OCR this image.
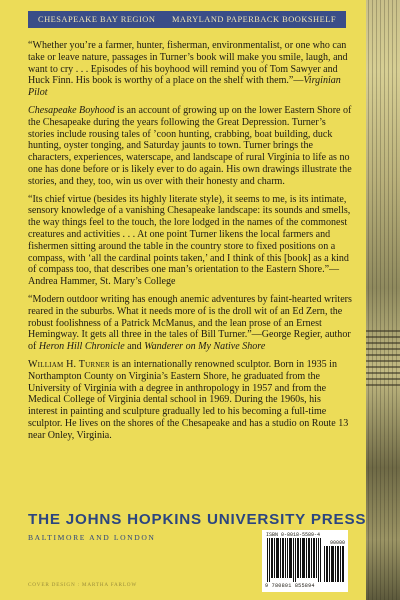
CHESAPEAKE BAY REGION MARYLAND PAPERBACK BOOKSHELF

“Whether you’re a farmer, hunter, fisherman, environmentalist, or one who can take or leave nature, passages in Turner’s book will make you smile, laugh, and want to cry . . . Episodes of his boyhood will remind you of Tom Sawyer and Huck Finn. His book is worthy of a place on the shelf with them.”—Virginian Pilot

Chesapeake Boyhood is an account of growing up on the lower Eastern Shore of the Chesapeake during the years following the Great Depression. Turner’s stories include rousing tales of ’coon hunting, crabbing, boat building, duck hunting, oyster tonging, and Saturday jaunts to town. Turner brings the characters, experiences, waterscape, and landscape of rural Virginia to life as no one has done before or is likely ever to do again. His own drawings illustrate the stories, and they, too, win us over with their honesty and charm.

“Its chief virtue (besides its highly literate style), it seems to me, is its intimate, sensory knowledge of a vanishing Chesapeake landscape: its sounds and smells, the way things feel to the touch, the lore lodged in the names of the commonest creatures and activities . . . At one point Turner likens the local farmers and fishermen sitting around the table in the country store to fixed positions on a compass, with ‘all the cardinal points taken,’ and I think of this [book] as a kind of compass too, that describes one man’s orientation to the Eastern Shore.”—Andrea Hammer, St. Mary’s College

“Modern outdoor writing has enough anemic adventures by faint-hearted writers reared in the suburbs. What it needs more of is the droll wit of an Ed Zern, the robust foolishness of a Patrick McManus, and the lean prose of an Ernest Hemingway. It gets all three in the tales of Bill Turner.”—George Regier, author of Heron Hill Chronicle and Wanderer on My Native Shore

William H. Turner is an internationally renowned sculptor. Born in 1935 in Northampton County on Virginia’s Eastern Shore, he graduated from the University of Virginia with a degree in anthropology in 1957 and from the Medical College of Virginia dental school in 1969. During the 1960s, his interest in painting and sculpture gradually led to his becoming a full-time sculptor. He lives on the shores of the Chesapeake and has a studio on Route 13 near Onley, Virginia.

THE JOHNS HOPKINS UNIVERSITY PRESS
BALTIMORE AND LONDON
COVER DESIGN : MARTHA FARLOW
ISBN 0-8018-5589-4
90000
9 780801 855894
